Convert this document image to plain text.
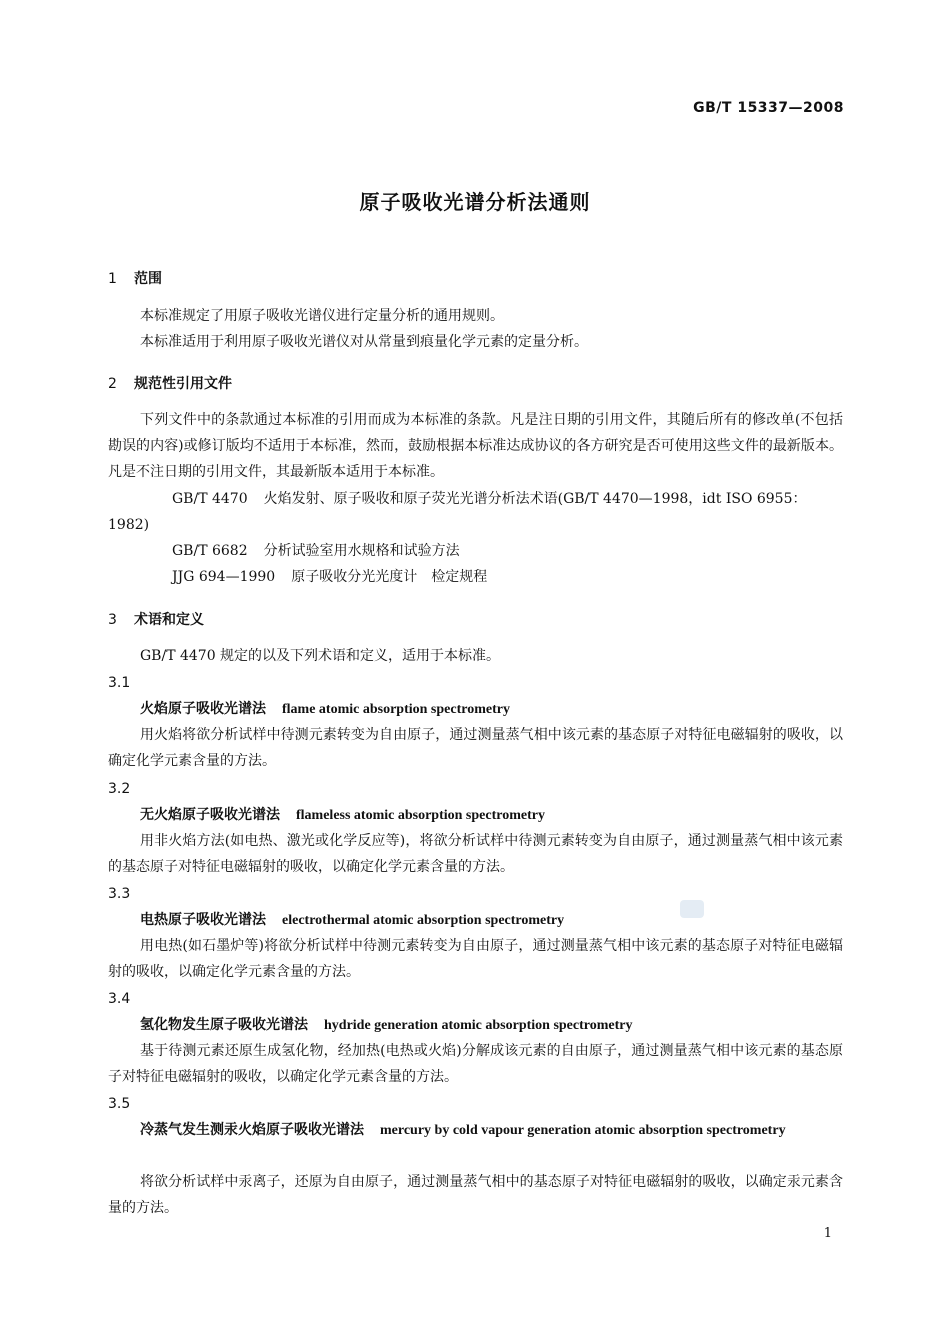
GB/T 15337—2008
原子吸收光谱分析法通则
1 范围
本标准规定了用原子吸收光谱仪进行定量分析的通用规则。
本标准适用于利用原子吸收光谱仪对从常量到痕量化学元素的定量分析。
2 规范性引用文件
下列文件中的条款通过本标准的引用而成为本标准的条款。凡是注日期的引用文件，其随后所有的修改单(不包括勘误的内容)或修订版均不适用于本标准，然而，鼓励根据本标准达成协议的各方研究是否可使用这些文件的最新版本。凡是不注日期的引用文件，其最新版本适用于本标准。
GB/T 4470 火焰发射、原子吸收和原子荧光光谱分析法术语(GB/T 4470—1998，idt ISO 6955：1982)
GB/T 6682 分析试验室用水规格和试验方法
JJG 694—1990 原子吸收分光光度计　检定规程
3 术语和定义
GB/T 4470 规定的以及下列术语和定义，适用于本标准。
3.1
火焰原子吸收光谱法 flame atomic absorption spectrometry
用火焰将欲分析试样中待测元素转变为自由原子，通过测量蒸气相中该元素的基态原子对特征电磁辐射的吸收，以确定化学元素含量的方法。
3.2
无火焰原子吸收光谱法 flameless atomic absorption spectrometry
用非火焰方法(如电热、激光或化学反应等)，将欲分析试样中待测元素转变为自由原子，通过测量蒸气相中该元素的基态原子对特征电磁辐射的吸收，以确定化学元素含量的方法。
3.3
电热原子吸收光谱法 electrothermal atomic absorption spectrometry
用电热(如石墨炉等)将欲分析试样中待测元素转变为自由原子，通过测量蒸气相中该元素的基态原子对特征电磁辐射的吸收，以确定化学元素含量的方法。
3.4
氢化物发生原子吸收光谱法 hydride generation atomic absorption spectrometry
基于待测元素还原生成氢化物，经加热(电热或火焰)分解成该元素的自由原子，通过测量蒸气相中该元素的基态原子对特征电磁辐射的吸收，以确定化学元素含量的方法。
3.5
冷蒸气发生测汞火焰原子吸收光谱法 mercury by cold vapour generation atomic absorption spectrometry
将欲分析试样中汞离子，还原为自由原子，通过测量蒸气相中的基态原子对特征电磁辐射的吸收，以确定汞元素含量的方法。
1
